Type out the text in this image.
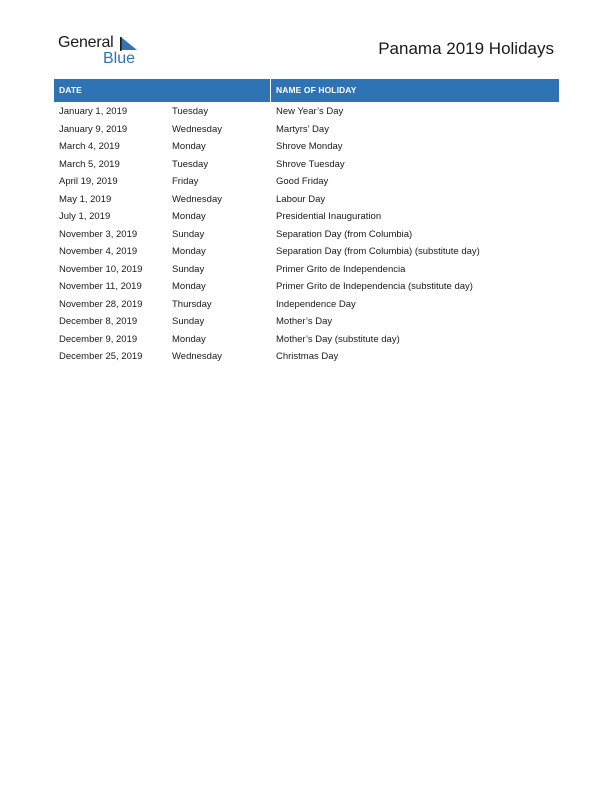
General
Blue
Panama 2019 Holidays
DATE	NAME OF HOLIDAY
January 1, 2019	Tuesday	New Year’s Day
January 9, 2019	Wednesday	Martyrs’ Day
March 4, 2019	Monday	Shrove Monday
March 5, 2019	Tuesday	Shrove Tuesday
April 19, 2019	Friday	Good Friday
May 1, 2019	Wednesday	Labour Day
July 1, 2019	Monday	Presidential Inauguration
November 3, 2019	Sunday	Separation Day (from Columbia)
November 4, 2019	Monday	Separation Day (from Columbia) (substitute day)
November 10, 2019	Sunday	Primer Grito de Independencia
November 11, 2019	Monday	Primer Grito de Independencia (substitute day)
November 28, 2019	Thursday	Independence Day
December 8, 2019	Sunday	Mother’s Day
December 9, 2019	Monday	Mother’s Day (substitute day)
December 25, 2019	Wednesday	Christmas Day
